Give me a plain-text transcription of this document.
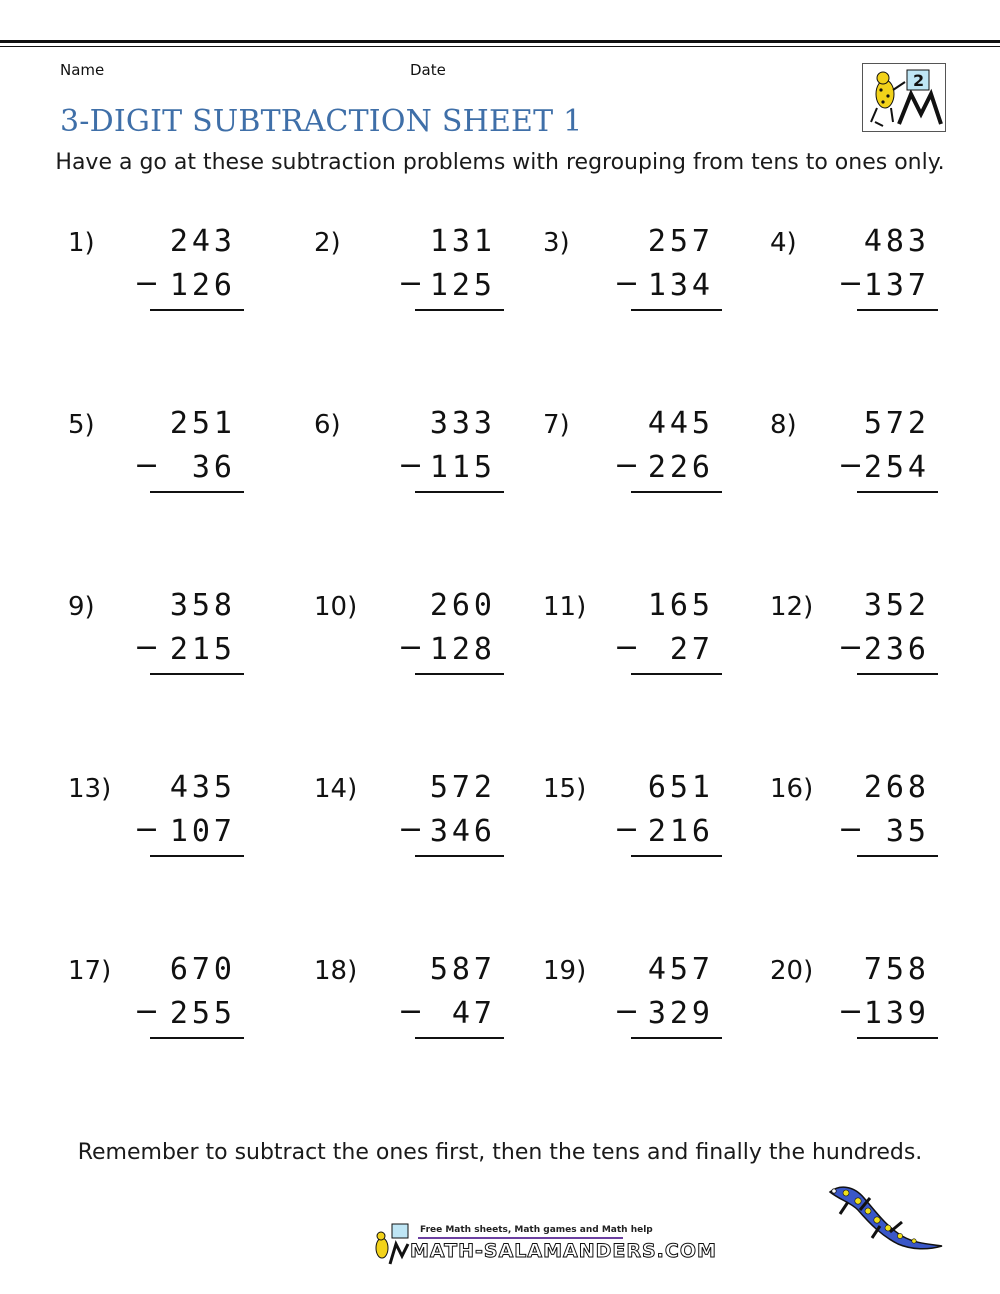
Name	Date
2
3-DIGIT SUBTRACTION SHEET 1
Have a go at these subtraction problems with regrouping from tens to ones only.
1)	243
126
−
2)	131
125
−
3)	257
134
−
4)	483
137
−
5)	251
36
−
6)	333
115
−
7)	445
226
−
8)	572
254
−
9)	358
215
−
10)	260
128
−
11)	165
27
−
12)	352
236
−
13)	435
107
−
14)	572
346
−
15)	651
216
−
16)	268
35
−
17)	670
255
−
18)	587
47
−
19)	457
329
−
20)	758
139
−
Remember to subtract the ones first, then the tens and finally the hundreds.
Free Math sheets, Math games and Math help
MATH-SALAMANDERS.COM
